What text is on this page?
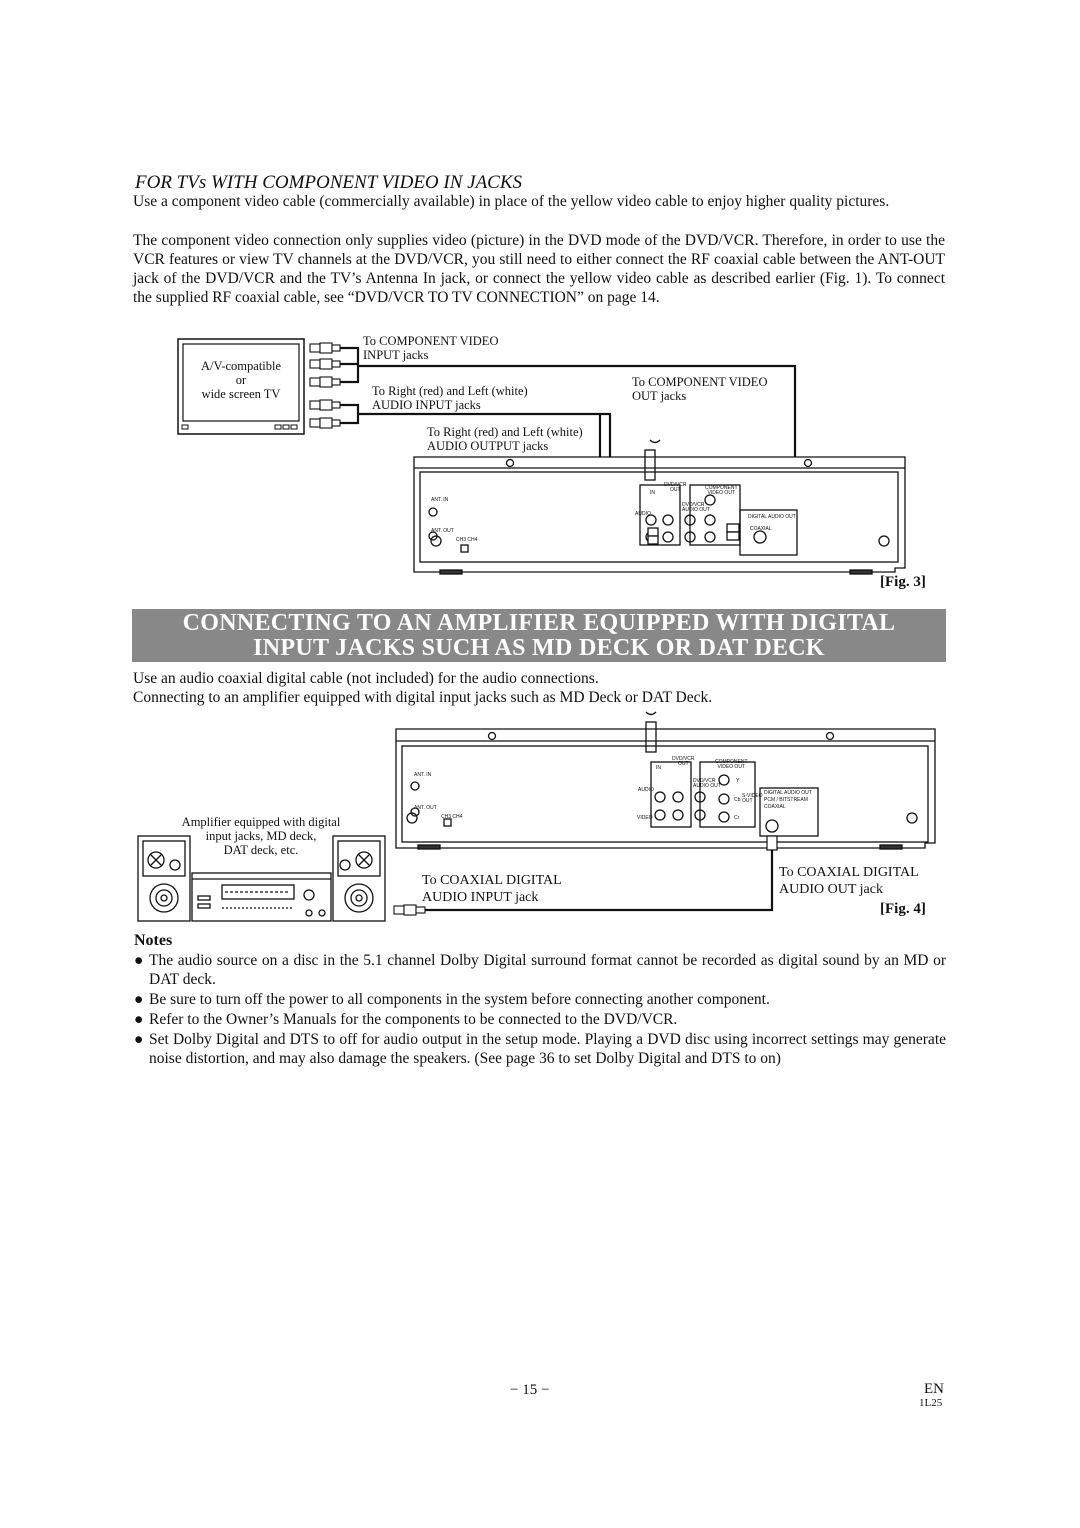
FOR TVs WITH COMPONENT VIDEO IN JACKS
Use a component video cable (commercially available) in place of the yellow video cable to enjoy higher quality pictures.
The component video connection only supplies video (picture) in the DVD mode of the DVD/VCR. Therefore, in order to use the VCR features or view TV channels at the DVD/VCR, you still need to either connect the RF coaxial cable between the ANT-OUT jack of the DVD/VCR and the TV’s Antenna In jack, or connect the yellow video cable as described earlier (Fig. 1). To connect the supplied RF coaxial cable, see “DVD/VCR TO TV CONNECTION” on page 14.
A/V-compatible
or
wide screen TV
To COMPONENT VIDEO
INPUT jacks
To Right (red) and Left (white)
AUDIO INPUT jacks
To COMPONENT VIDEO
OUT jacks
To Right (red) and Left (white)
AUDIO OUTPUT jacks
[Fig. 3]
ANT. IN
ANT. OUT
CH3 CH4
IN
DVD/VCR
OUT
AUDIO
DVD/VCR
AUDIO OUT
COMPONENT
VIDEO OUT
DIGITAL AUDIO OUT
COAXIAL
CONNECTING TO AN AMPLIFIER EQUIPPED WITH DIGITAL
INPUT JACKS SUCH AS MD DECK OR DAT DECK
Use an audio coaxial digital cable (not included) for the audio connections.
Connecting to an amplifier equipped with digital input jacks such as MD Deck or DAT Deck.
Amplifier equipped with digital
input jacks, MD deck,
DAT deck, etc.
To COAXIAL DIGITAL
AUDIO INPUT jack
To COAXIAL DIGITAL
AUDIO OUT jack
[Fig. 4]
ANT. IN
ANT. OUT
CH3 CH4
IN
DVD/VCR
OUT
AUDIO
VIDEO
DVD/VCR
AUDIO OUT
COMPONENT
VIDEO OUT
S-VIDEO
OUT
DIGITAL AUDIO OUT
PCM / BITSTREAM
COAXIAL
Y
Cb
Cr
Notes
● The audio source on a disc in the 5.1 channel Dolby Digital surround format cannot be recorded as digital sound by an MD or DAT deck.
● Be sure to turn off the power to all components in the system before connecting another component.
● Refer to the Owner’s Manuals for the components to be connected to the DVD/VCR.
● Set Dolby Digital and DTS to off for audio output in the setup mode. Playing a DVD disc using incorrect settings may generate noise distortion, and may also damage the speakers. (See page 36 to set Dolby Digital and DTS to on)
− 15 −	EN
1L25
